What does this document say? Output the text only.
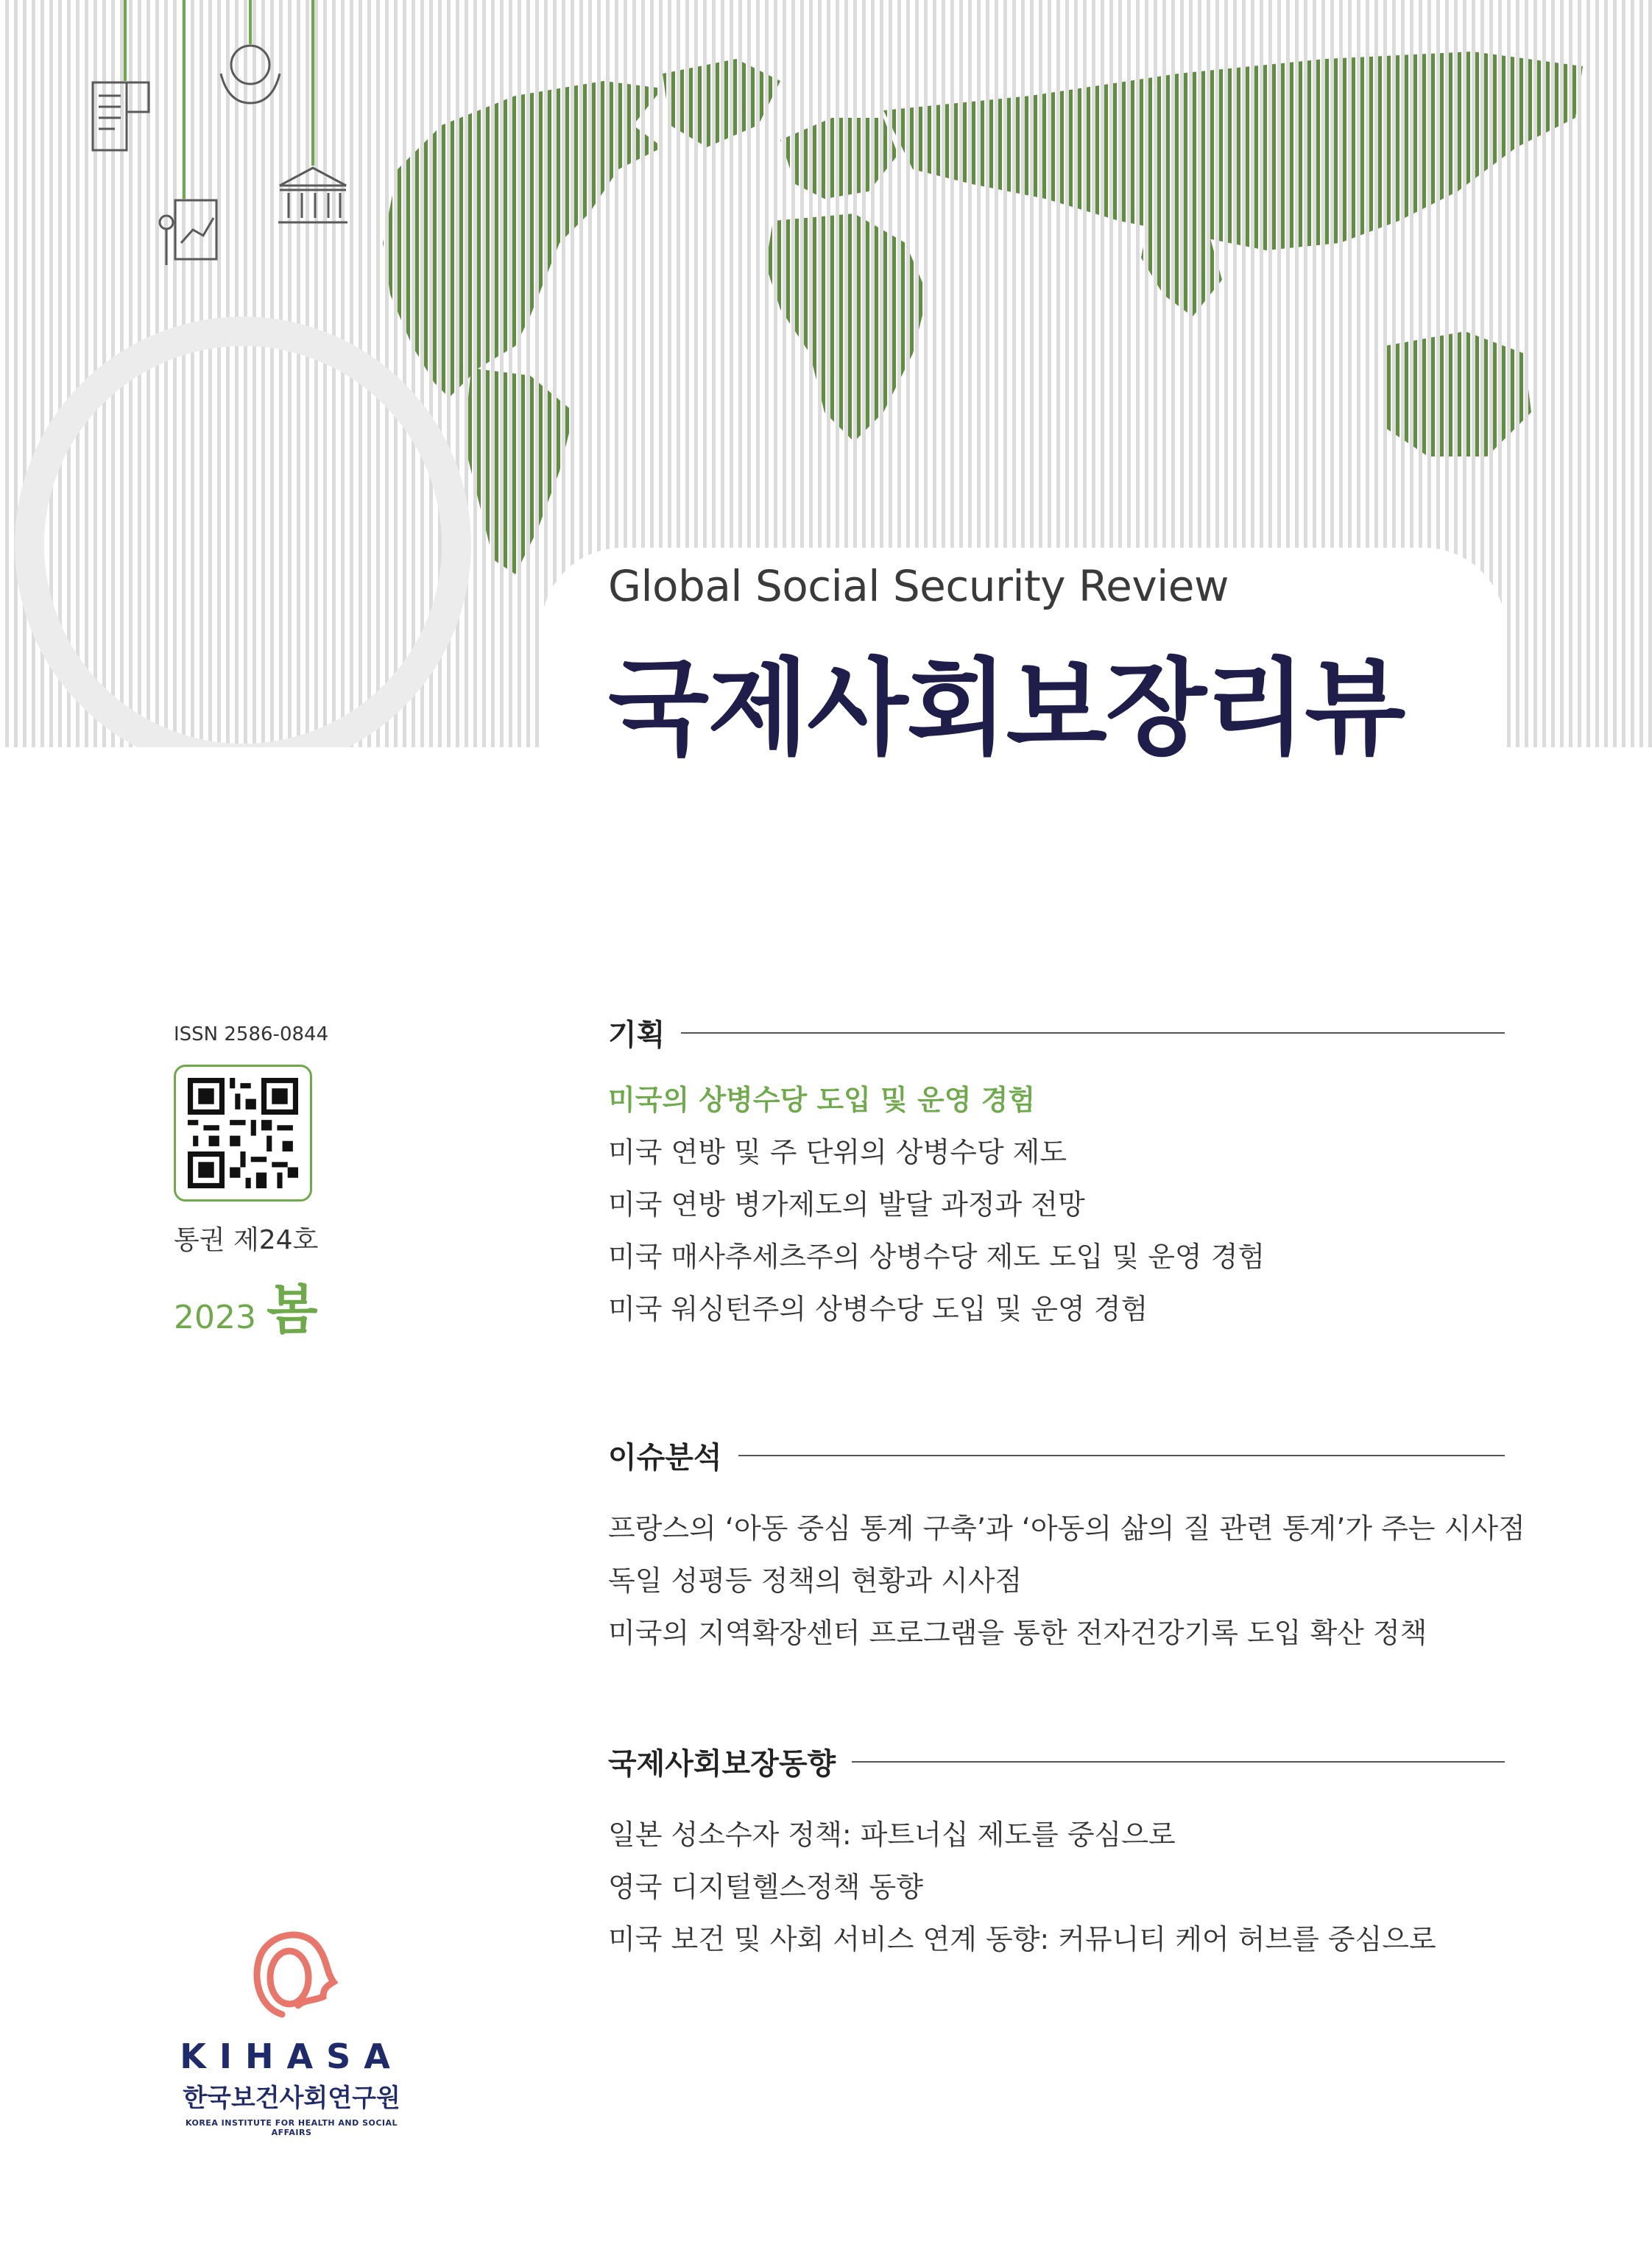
Global Social Security Review
국제사회보장리뷰
ISSN 2586-0844
통권 제24호
2023 봄
기획
미국의 상병수당 도입 및 운영 경험
미국 연방 및 주 단위의 상병수당 제도
미국 연방 병가제도의 발달 과정과 전망
미국 매사추세츠주의 상병수당 제도 도입 및 운영 경험
미국 워싱턴주의 상병수당 도입 및 운영 경험
이슈분석
프랑스의 ‘아동 중심 통계 구축’과 ‘아동의 삶의 질 관련 통계’가 주는 시사점
독일 성평등 정책의 현황과 시사점
미국의 지역확장센터 프로그램을 통한 전자건강기록 도입 확산 정책
국제사회보장동향
일본 성소수자 정책: 파트너십 제도를 중심으로
영국 디지털헬스정책 동향
미국 보건 및 사회 서비스 연계 동향: 커뮤니티 케어 허브를 중심으로
KIHASA
한국보건사회연구원
KOREA INSTITUTE FOR HEALTH AND SOCIAL AFFAIRS
